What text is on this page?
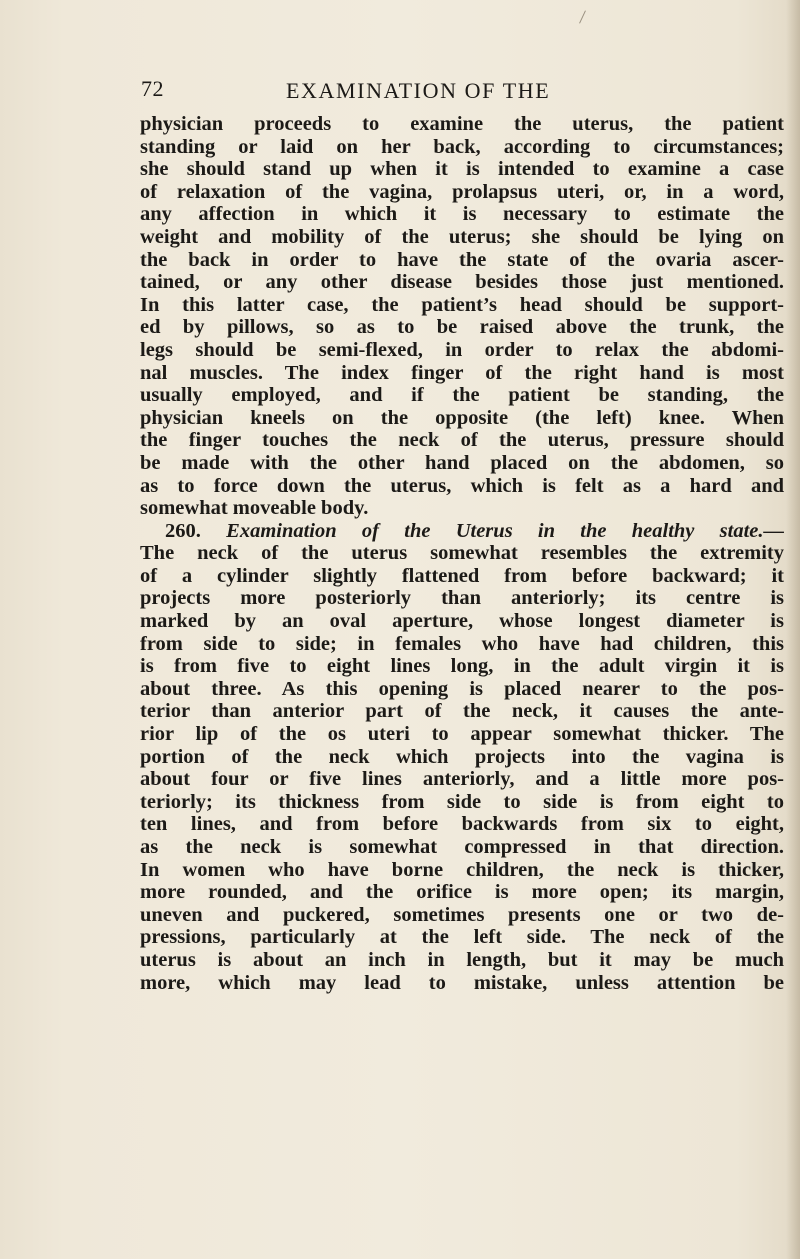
72	EXAMINATION OF THE
physician proceeds to examine the uterus, the patient
standing or laid on her back, according to circumstances;
she should stand up when it is intended to examine a case
of relaxation of the vagina, prolapsus uteri, or, in a word,
any affection in which it is necessary to estimate the
weight and mobility of the uterus; she should be lying on
the back in order to have the state of the ovaria ascer-
tained, or any other disease besides those just mentioned.
In this latter case, the patient’s head should be support-
ed by pillows, so as to be raised above the trunk, the
legs should be semi-flexed, in order to relax the abdomi-
nal muscles. The index finger of the right hand is most
usually employed, and if the patient be standing, the
physician kneels on the opposite (the left) knee. When
the finger touches the neck of the uterus, pressure should
be made with the other hand placed on the abdomen, so
as to force down the uterus, which is felt as a hard and
somewhat moveable body.
260. Examination of the Uterus in the healthy state.—
The neck of the uterus somewhat resembles the extremity
of a cylinder slightly flattened from before backward; it
projects more posteriorly than anteriorly; its centre is
marked by an oval aperture, whose longest diameter is
from side to side; in females who have had children, this
is from five to eight lines long, in the adult virgin it is
about three. As this opening is placed nearer to the pos-
terior than anterior part of the neck, it causes the ante-
rior lip of the os uteri to appear somewhat thicker. The
portion of the neck which projects into the vagina is
about four or five lines anteriorly, and a little more pos-
teriorly; its thickness from side to side is from eight to
ten lines, and from before backwards from six to eight,
as the neck is somewhat compressed in that direction.
In women who have borne children, the neck is thicker,
more rounded, and the orifice is more open; its margin,
uneven and puckered, sometimes presents one or two de-
pressions, particularly at the left side. The neck of the
uterus is about an inch in length, but it may be much
more, which may lead to mistake, unless attention be
